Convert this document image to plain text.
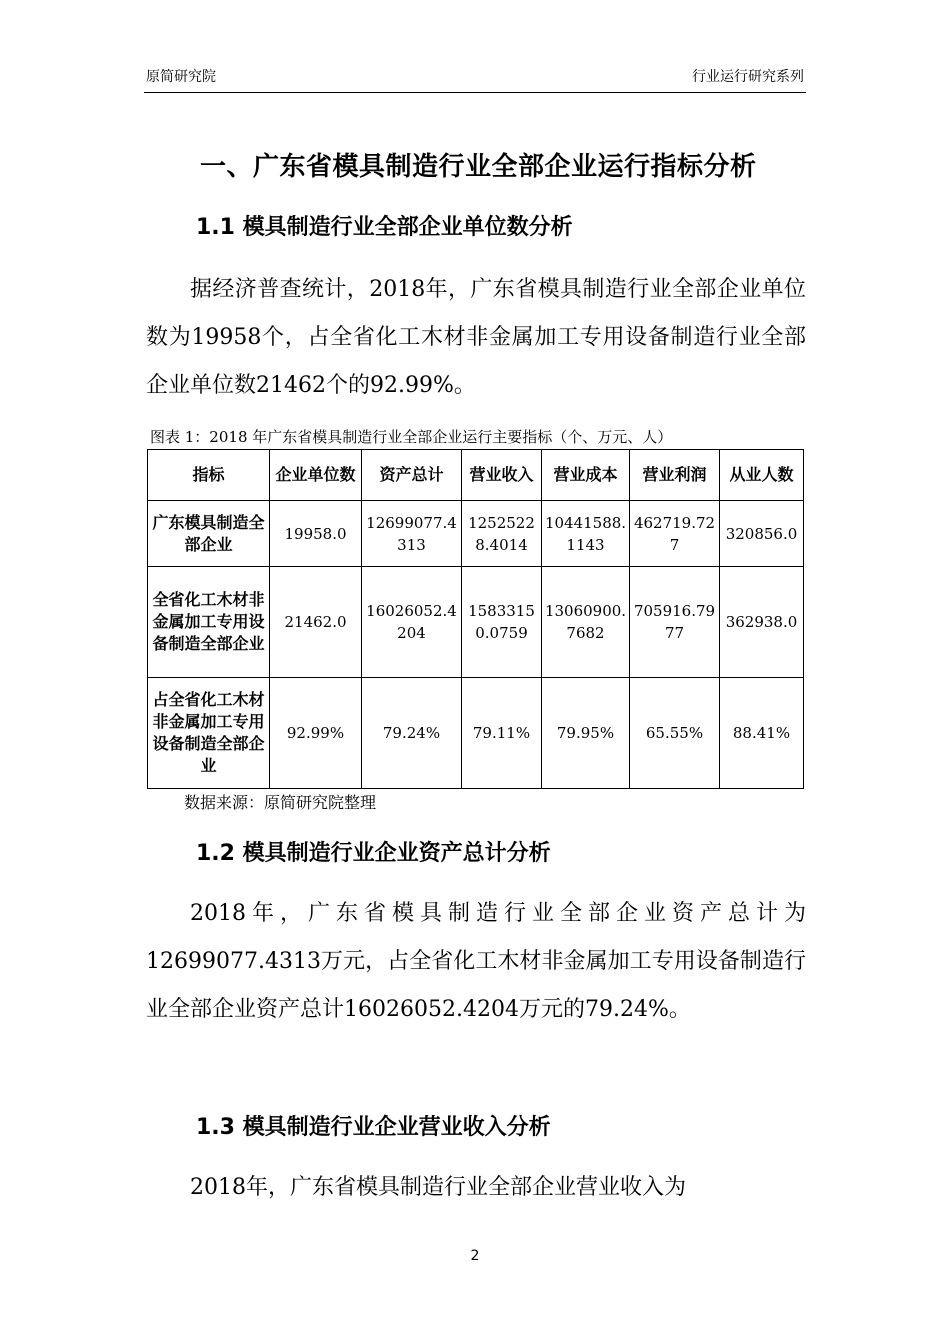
原简研究院	行业运行研究系列
一、广东省模具制造行业全部企业运行指标分析
1.1 模具制造行业全部企业单位数分析

据经济普查统计，2018年，广东省模具制造行业全部企业单位数为19958个，占全省化工木材非金属加工专用设备制造行业全部企业单位数21462个的92.99%。

图表 1：2018 年广东省模具制造行业全部企业运行主要指标（个、万元、人）
指标	企业单位数	资产总计	营业收入	营业成本	营业利润	从业人数
广东模具制造全部企业	19958.0	12699077.4313	12525228.4014	10441588.1143	462719.727	320856.0
全省化工木材非金属加工专用设备制造全部企业	21462.0	16026052.4204	15833150.0759	13060900.7682	705916.7977	362938.0
占全省化工木材非金属加工专用设备制造全部企业	92.99%	79.24%	79.11%	79.95%	65.55%	88.41%
数据来源：原简研究院整理
1.2 模具制造行业企业资产总计分析

2018年，广东省模具制造行业全部企业资产总计为12699077.4313万元，占全省化工木材非金属加工专用设备制造行业全部企业资产总计16026052.4204万元的79.24%。

1.3 模具制造行业企业营业收入分析

2018年，广东省模具制造行业全部企业营业收入为

2
